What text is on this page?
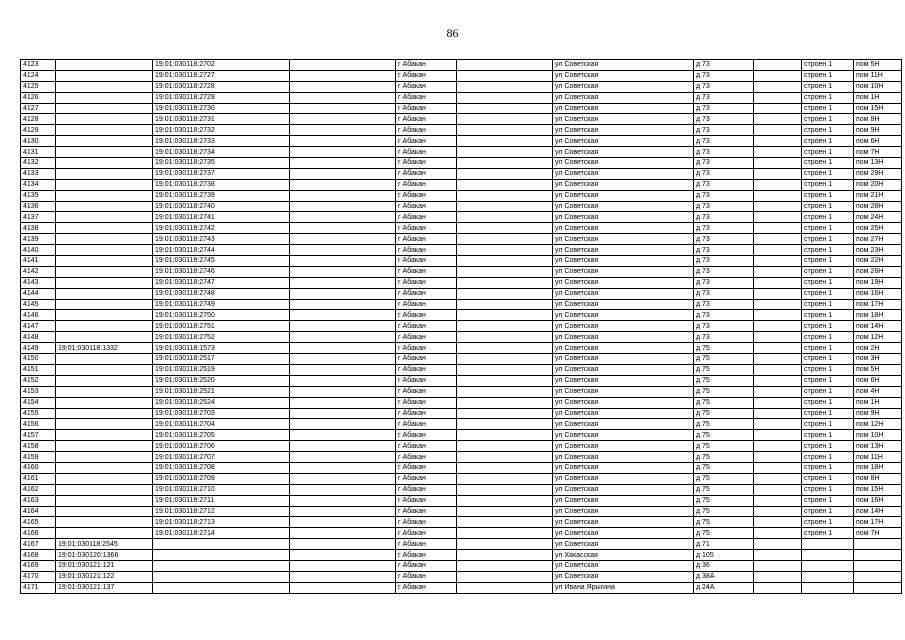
86
4123		19:01:030118:2702		г Абакан		ул Советская	д 73		строен 1	пом 5Н
4124		19:01:030118:2727		г Абакан		ул Советская	д 73		строен 1	пом 11Н
4125		19:01:030118:2728		г Абакан		ул Советская	д 73		строен 1	пом 10Н
4126		19:01:030118:2729		г Абакан		ул Советская	д 73		строен 1	пом 1Н
4127		19:01:030118:2730		г Абакан		ул Советская	д 73		строен 1	пом 15Н
4128		19:01:030118:2731		г Абакан		ул Советская	д 73		строен 1	пом 8Н
4129		19:01:030118:2732		г Абакан		ул Советская	д 73		строен 1	пом 9Н
4130		19:01:030118:2733		г Абакан		ул Советская	д 73		строен 1	пом 6Н
4131		19:01:030118:2734		г Абакан		ул Советская	д 73		строен 1	пом 7Н
4132		19:01:030118:2735		г Абакан		ул Советская	д 73		строен 1	пом 13Н
4133		19:01:030118:2737		г Абакан		ул Советская	д 73		строен 1	пом 29Н
4134		19:01:030118:2738		г Абакан		ул Советская	д 73		строен 1	пом 20Н
4135		19:01:030118:2739		г Абакан		ул Советская	д 73		строен 1	пом 21Н
4136		19:01:030118:2740		г Абакан		ул Советская	д 73		строен 1	пом 28Н
4137		19:01:030118:2741		г Абакан		ул Советская	д 73		строен 1	пом 24Н
4138		19:01:030118:2742		г Абакан		ул Советская	д 73		строен 1	пом 25Н
4139		19:01:030118:2743		г Абакан		ул Советская	д 73		строен 1	пом 27Н
4140		19:01:030118:2744		г Абакан		ул Советская	д 73		строен 1	пом 23Н
4141		19:01:030118:2745		г Абакан		ул Советская	д 73		строен 1	пом 22Н
4142		19:01:030118:2746		г Абакан		ул Советская	д 73		строен 1	пом 26Н
4143		19:01:030118:2747		г Абакан		ул Советская	д 73		строен 1	пом 19Н
4144		19:01:030118:2748		г Абакан		ул Советская	д 73		строен 1	пом 16Н
4145		19:01:030118:2749		г Абакан		ул Советская	д 73		строен 1	пом 17Н
4146		19:01:030118:2750		г Абакан		ул Советская	д 73		строен 1	пом 18Н
4147		19:01:030118:2751		г Абакан		ул Советская	д 73		строен 1	пом 14Н
4148		19:01:030118:2752		г Абакан		ул Советская	д 73		строен 1	пом 12Н
4149	19:01:030118:1332	19:01:030118:1573		г Абакан		ул Советская	д 75		строен 1	пом 2Н
4150		19:01:030118:2517		г Абакан		ул Советская	д 75		строен 1	пом 3Н
4151		19:01:030118:2519		г Абакан		ул Советская	д 75		строен 1	пом 5Н
4152		19:01:030118:2520		г Абакан		ул Советская	д 75		строен 1	пом 6Н
4153		19:01:030118:2521		г Абакан		ул Советская	д 75		строен 1	пом 4Н
4154		19:01:030118:2524		г Абакан		ул Советская	д 75		строен 1	пом 1Н
4155		19:01:030118:2703		г Абакан		ул Советская	д 75		строен 1	пом 9Н
4156		19:01:030118:2704		г Абакан		ул Советская	д 75		строен 1	пом 12Н
4157		19:01:030118:2705		г Абакан		ул Советская	д 75		строен 1	пом 10Н
4158		19:01:030118:2706		г Абакан		ул Советская	д 75		строен 1	пом 13Н
4159		19:01:030118:2707		г Абакан		ул Советская	д 75		строен 1	пом 11Н
4160		19:01:030118:2708		г Абакан		ул Советская	д 75		строен 1	пом 18Н
4161		19:01:030118:2709		г Абакан		ул Советская	д 75		строен 1	пом 8Н
4162		19:01:030118:2710		г Абакан		ул Советская	д 75		строен 1	пом 15Н
4163		19:01:030118:2711		г Абакан		ул Советская	д 75		строен 1	пом 16Н
4164		19:01:030118:2712		г Абакан		ул Советская	д 75		строен 1	пом 14Н
4165		19:01:030118:2713		г Абакан		ул Советская	д 75		строен 1	пом 17Н
4166		19:01:030118:2714		г Абакан		ул Советская	д 75		строен 1	пом 7Н
4167	19:01:030118:2545			г Абакан		ул Советская	д 71			
4168	19:01:030120:1366			г Абакан		ул Хакасская	д 105			
4169	19:01:030121:121			г Абакан		ул Советская	д 36			
4170	19:01:030121:122			г Абакан		ул Советская	д 38А			
4171	19:01:030121:137			г Абакан		ул Ивана Ярыгина	д 24А			
